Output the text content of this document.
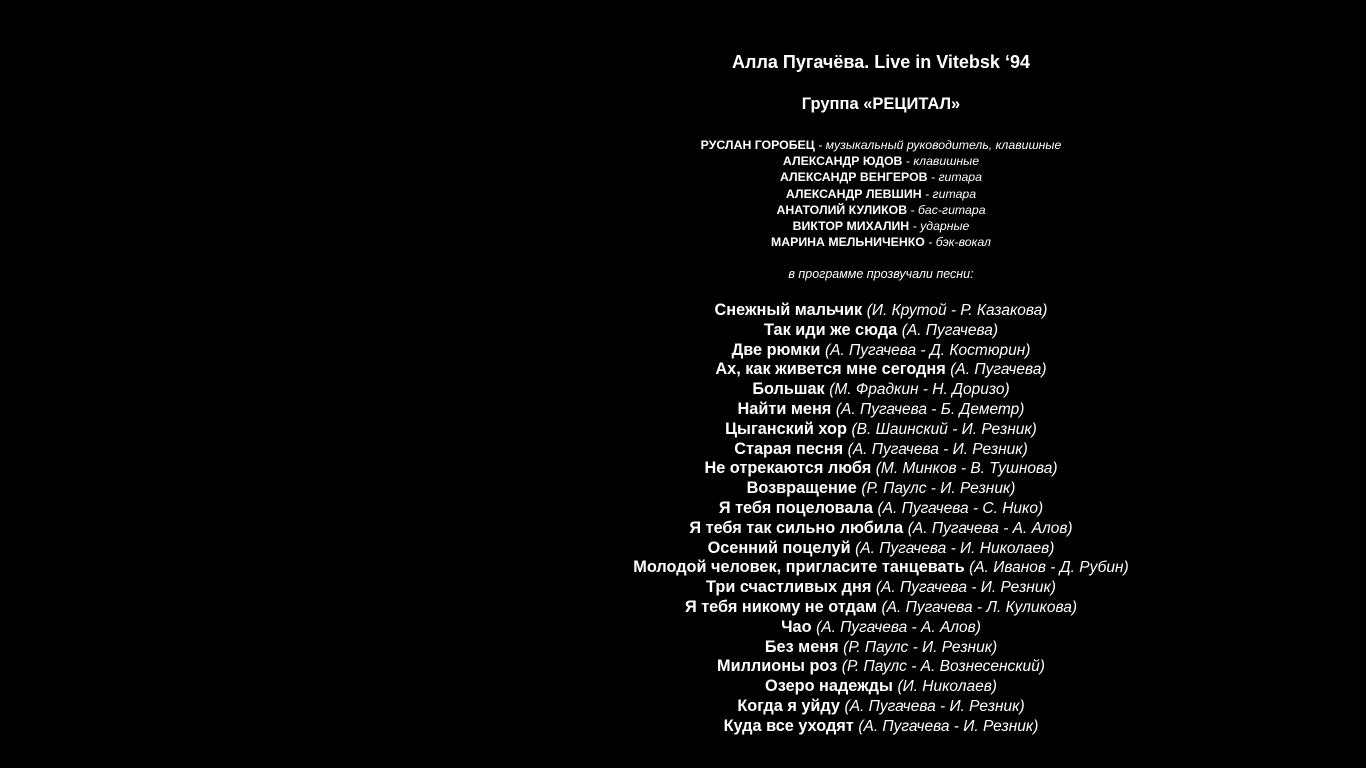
Алла Пугачёва. Live in Vitebsk ‘94
Группа «РЕЦИТАЛ»
РУСЛАН ГОРОБЕЦ - музыкальный руководитель, клавишные
АЛЕКСАНДР ЮДОВ - клавишные
АЛЕКСАНДР ВЕНГЕРОВ - гитара
АЛЕКСАНДР ЛЕВШИН - гитара
АНАТОЛИЙ КУЛИКОВ - бас-гитара
ВИКТОР МИХАЛИН - ударные
МАРИНА МЕЛЬНИЧЕНКО - бэк-вокал
в программе прозвучали песни:
Снежный мальчик (И. Крутой - Р. Казакова)
Так иди же сюда (А. Пугачева)
Две рюмки (А. Пугачева - Д. Костюрин)
Ах, как живется мне сегодня (А. Пугачева)
Большак (М. Фрадкин - Н. Доризо)
Найти меня (А. Пугачева - Б. Деметр)
Цыганский хор (В. Шаинский - И. Резник)
Старая песня (А. Пугачева - И. Резник)
Не отрекаются любя (М. Минков - В. Тушнова)
Возвращение (Р. Паулс - И. Резник)
Я тебя поцеловала (А. Пугачева - С. Нико)
Я тебя так сильно любила (А. Пугачева - А. Алов)
Осенний поцелуй (А. Пугачева - И. Николаев)
Молодой человек, пригласите танцевать (А. Иванов - Д. Рубин)
Три счастливых дня (А. Пугачева - И. Резник)
Я тебя никому не отдам (А. Пугачева - Л. Куликова)
Чао (А. Пугачева - А. Алов)
Без меня (Р. Паулс - И. Резник)
Миллионы роз (Р. Паулс - А. Вознесенский)
Озеро надежды (И. Николаев)
Когда я уйду (А. Пугачева - И. Резник)
Куда все уходят (А. Пугачева - И. Резник)
